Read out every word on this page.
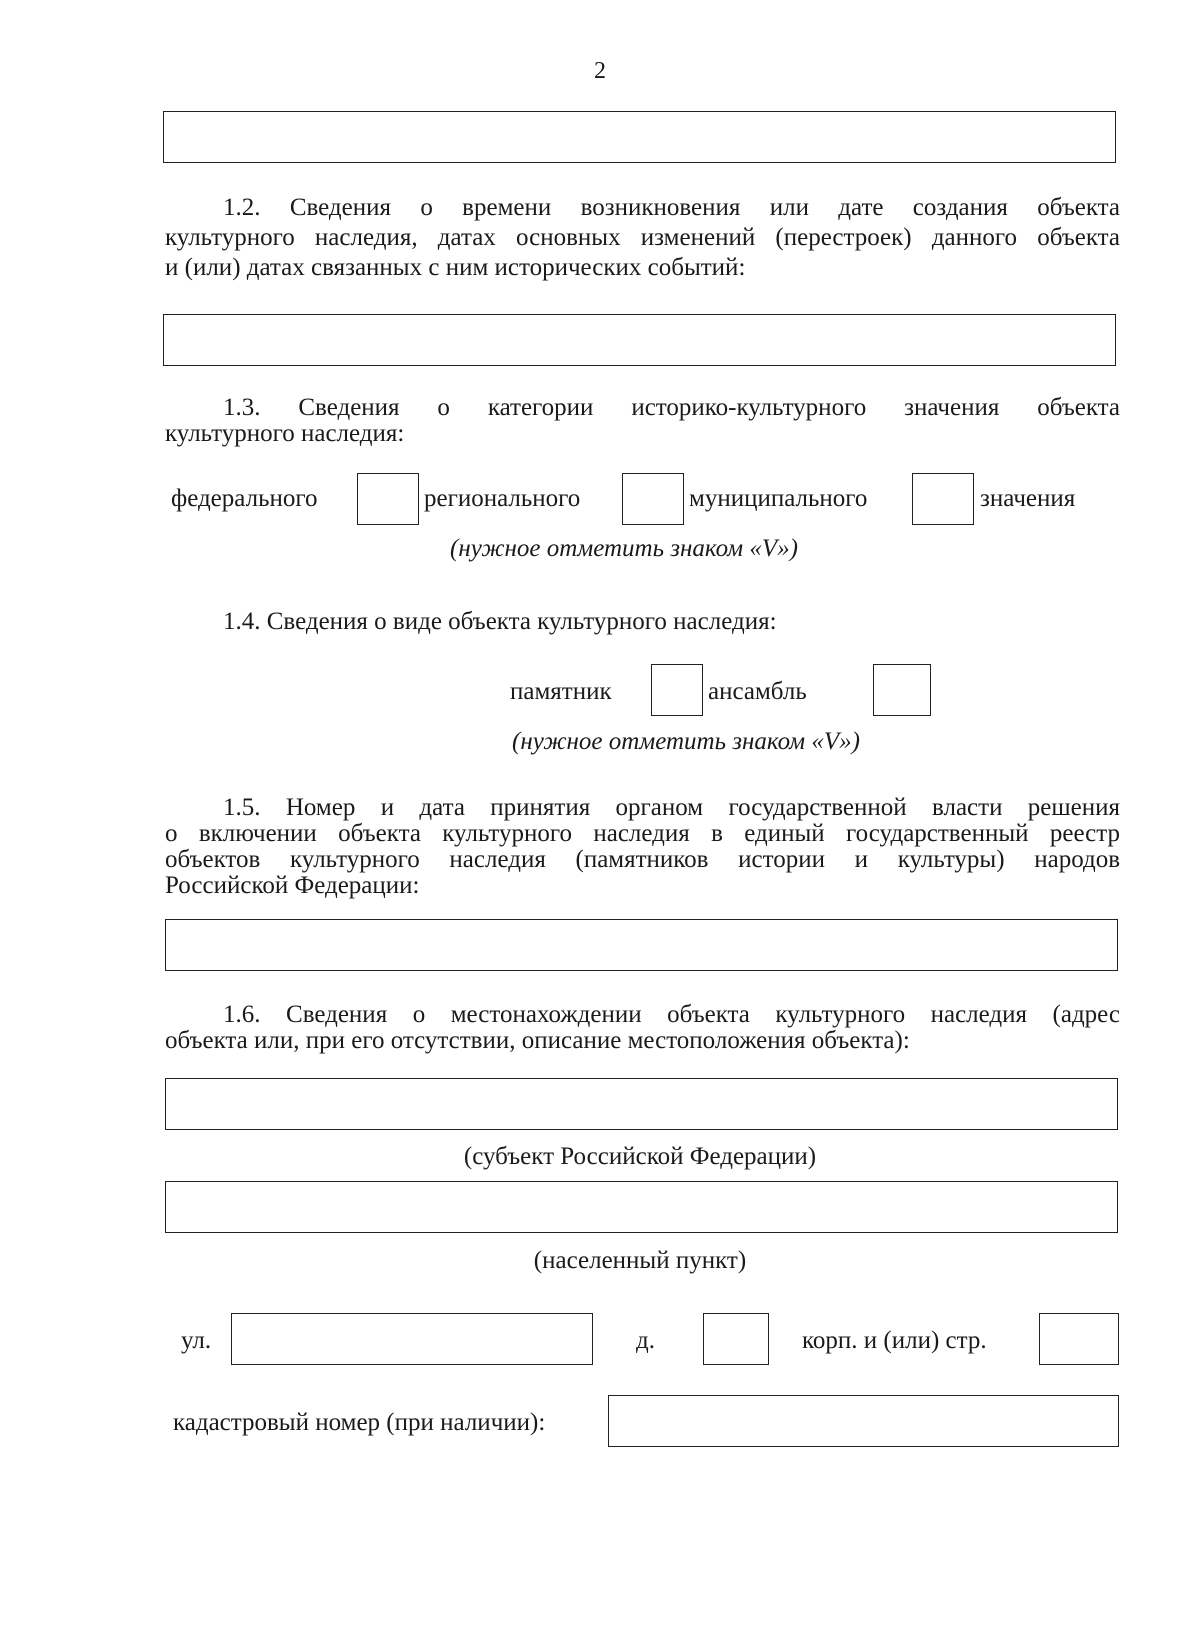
2
1.2. Сведения о времени возникновения или дате создания объекта
культурного наследия, датах основных изменений (перестроек) данного объекта
и (или) датах связанных с ним исторических событий:
1.3. Сведения о категории историко-культурного значения объекта
культурного наследия:
федерального	регионального	муниципального	значения
(нужное отметить знаком «V»)
1.4. Сведения о виде объекта культурного наследия:
памятник	ансамбль
(нужное отметить знаком «V»)
1.5. Номер и дата принятия органом государственной власти решения
о включении объекта культурного наследия в единый государственный реестр
объектов культурного наследия (памятников истории и культуры) народов
Российской Федерации:
1.6. Сведения о местонахождении объекта культурного наследия (адрес
объекта или, при его отсутствии, описание местоположения объекта):
(субъект Российской Федерации)
(населенный пункт)
ул.	д.	корп. и (или) стр.
кадастровый номер (при наличии):
